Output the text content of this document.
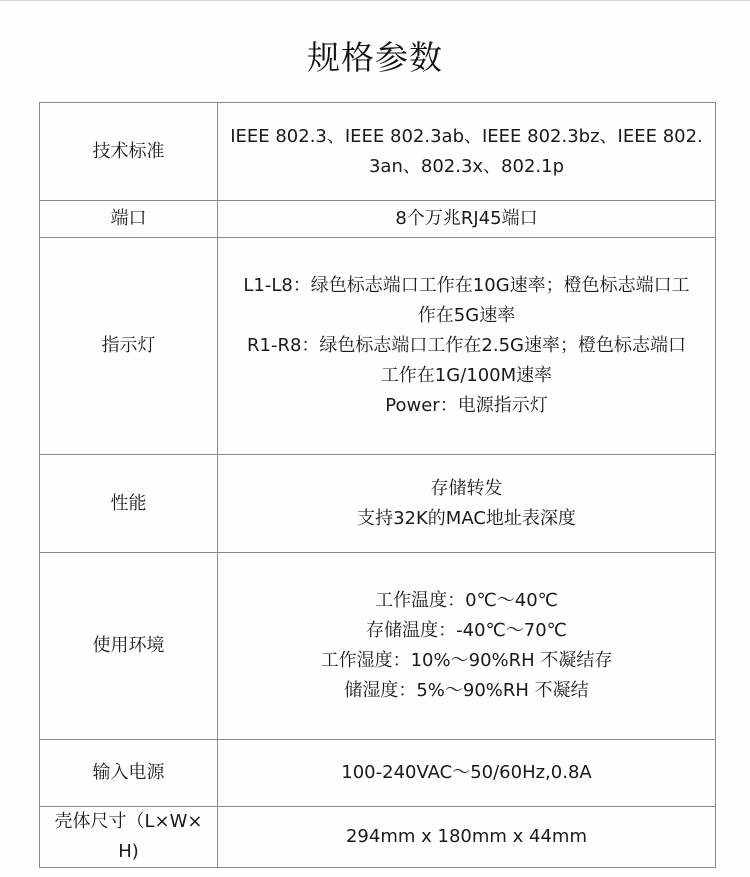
规格参数
技术标准	IEEE 802.3、IEEE 802.3ab、IEEE 802.3bz、IEEE 802.
3an、802.3x、802.1p

端口	8个万兆RJ45端口

指示灯	L1-L8：绿色标志端口工作在10G速率；橙色标志端口工
作在5G速率
R1-R8：绿色标志端口工作在2.5G速率；橙色标志端口
工作在1G/100M速率
Power：电源指示灯

性能	存储转发
支持32K的MAC地址表深度

使用环境	工作温度：0℃～40℃
存储温度：-40℃～70℃
工作湿度：10%～90%RH 不凝结存
储湿度：5%～90%RH 不凝结

输入电源	100-240VAC～50/60Hz,0.8A

壳体尺寸（L×W×
H)	294mm x 180mm x 44mm
